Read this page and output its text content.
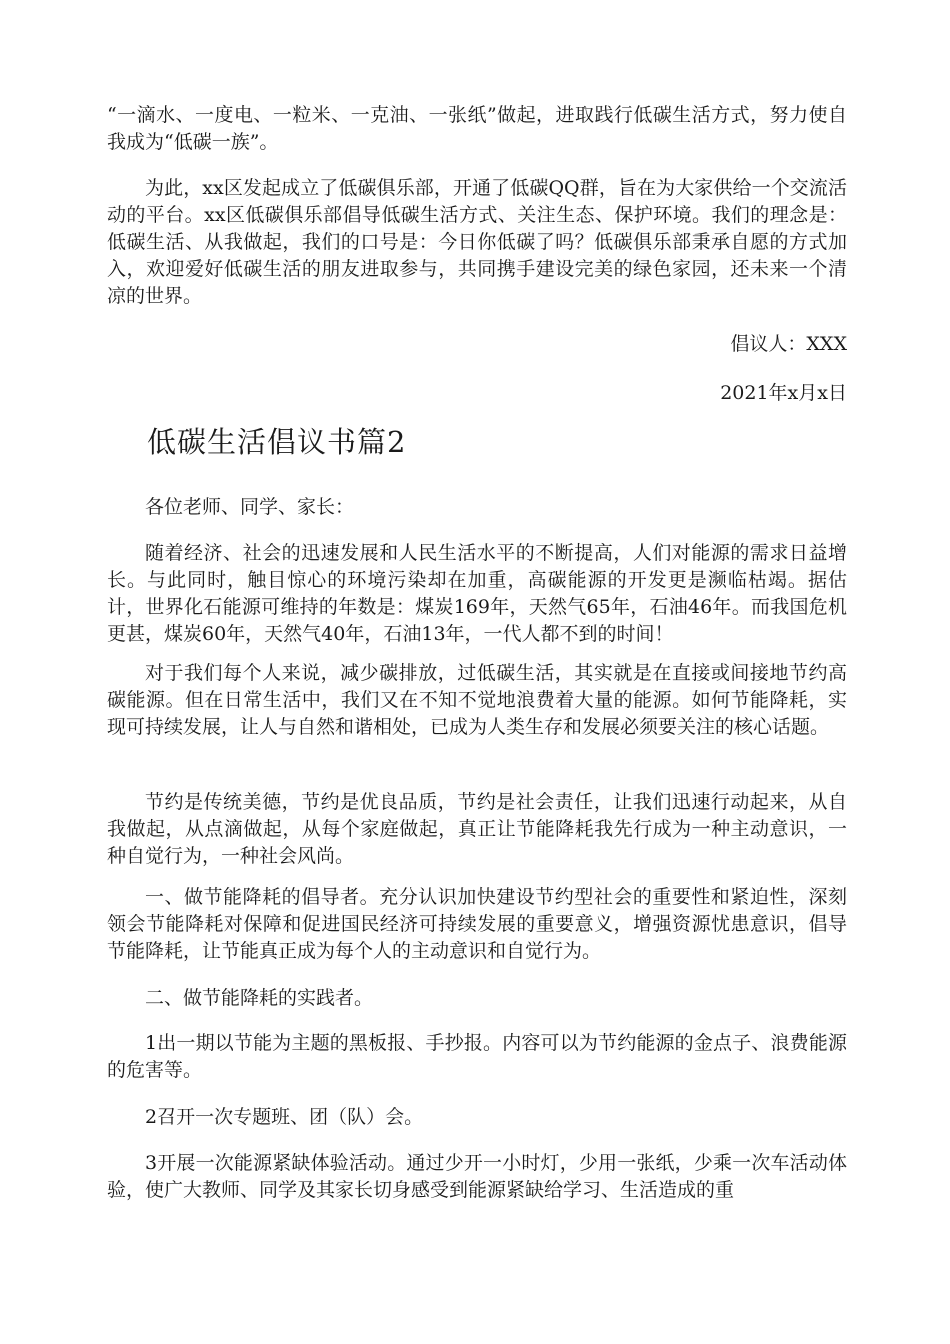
“一滴水、一度电、一粒米、一克油、一张纸”做起，进取践行低碳生活方式，努力使自我成为“低碳一族”。

为此，xx区发起成立了低碳俱乐部，开通了低碳QQ群，旨在为大家供给一个交流活动的平台。xx区低碳俱乐部倡导低碳生活方式、关注生态、保护环境。我们的理念是：低碳生活、从我做起，我们的口号是：今日你低碳了吗？低碳俱乐部秉承自愿的方式加入，欢迎爱好低碳生活的朋友进取参与，共同携手建设完美的绿色家园，还未来一个清凉的世界。

倡议人：XXX

2021年x月x日

低碳生活倡议书篇2

各位老师、同学、家长：

随着经济、社会的迅速发展和人民生活水平的不断提高，人们对能源的需求日益增长。与此同时，触目惊心的环境污染却在加重，高碳能源的开发更是濒临枯竭。据估计，世界化石能源可维持的年数是：煤炭169年，天然气65年，石油46年。而我国危机更甚，煤炭60年，天然气40年，石油13年，一代人都不到的时间！

对于我们每个人来说，减少碳排放，过低碳生活，其实就是在直接或间接地节约高碳能源。但在日常生活中，我们又在不知不觉地浪费着大量的能源。如何节能降耗，实现可持续发展，让人与自然和谐相处，已成为人类生存和发展必须要关注的核心话题。

节约是传统美德，节约是优良品质，节约是社会责任，让我们迅速行动起来，从自我做起，从点滴做起，从每个家庭做起，真正让节能降耗我先行成为一种主动意识，一种自觉行为，一种社会风尚。

一、做节能降耗的倡导者。充分认识加快建设节约型社会的重要性和紧迫性，深刻领会节能降耗对保障和促进国民经济可持续发展的重要意义，增强资源忧患意识，倡导节能降耗，让节能真正成为每个人的主动意识和自觉行为。

二、做节能降耗的实践者。

1出一期以节能为主题的黑板报、手抄报。内容可以为节约能源的金点子、浪费能源的危害等。

2召开一次专题班、团（队）会。

3开展一次能源紧缺体验活动。通过少开一小时灯，少用一张纸，少乘一次车活动体验，使广大教师、同学及其家长切身感受到能源紧缺给学习、生活造成的重
